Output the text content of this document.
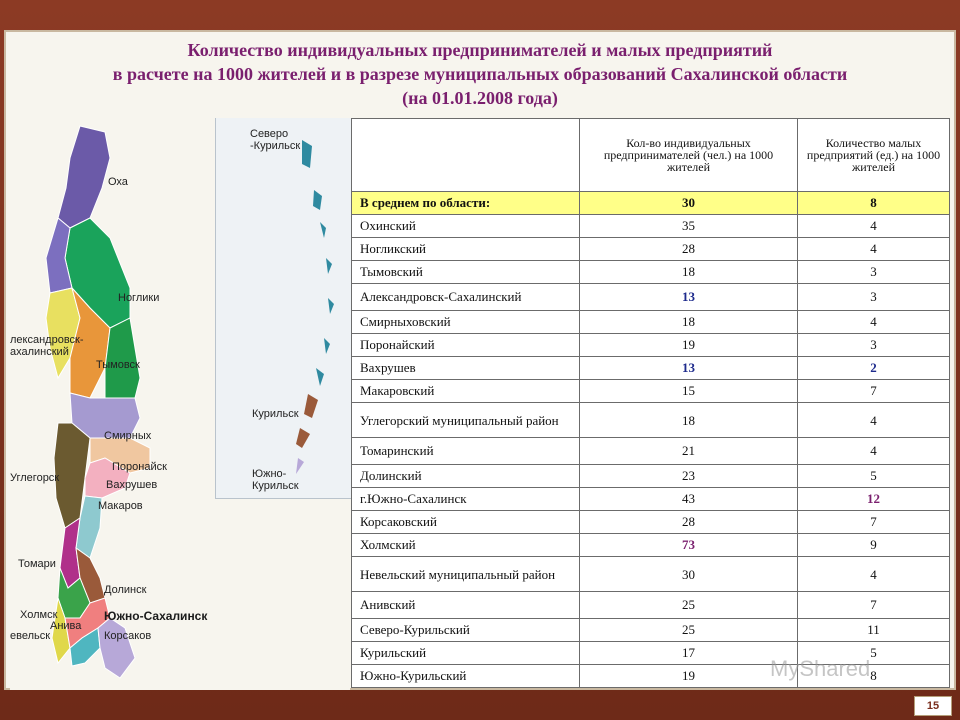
Количество индивидуальных предпринимателей и малых предприятий
в расчете на 1000 жителей и в разрезе муниципальных образований Сахалинской области
(на 01.01.2008 года)
Оха
Ноглики
лександровск-
ахалинский
Тымовск
Смирных
Поронайск
Вахрушев
Углегорск
Макаров
Томари
Долинск
Холмск
Анива
евельск
Южно-Сахалинск
Корсаков
Северо
-Курильск
Курильск
Южно-
Курильск
	Кол-во индивидуальных предпринимателей (чел.) на 1000 жителей	Количество малых предприятий (ед.) на 1000 жителей
В среднем по области:	30	8
Охинский	35	4
Ногликский	28	4
Тымовский	18	3
Александровск-Сахалинский	13	3
Смирныховский	18	4
Поронайский	19	3
Вахрушев	13	2
Макаровский	15	7
Углегорский муниципальный район	18	4
Томаринский	21	4
Долинский	23	5
г.Южно-Сахалинск	43	12
Корсаковский	28	7
Холмский	73	9
Невельский муниципальный район	30	4
Анивский	25	7
Северо-Курильский	25	11
Курильский	17	5
Южно-Курильский	19	8
MyShared
15
